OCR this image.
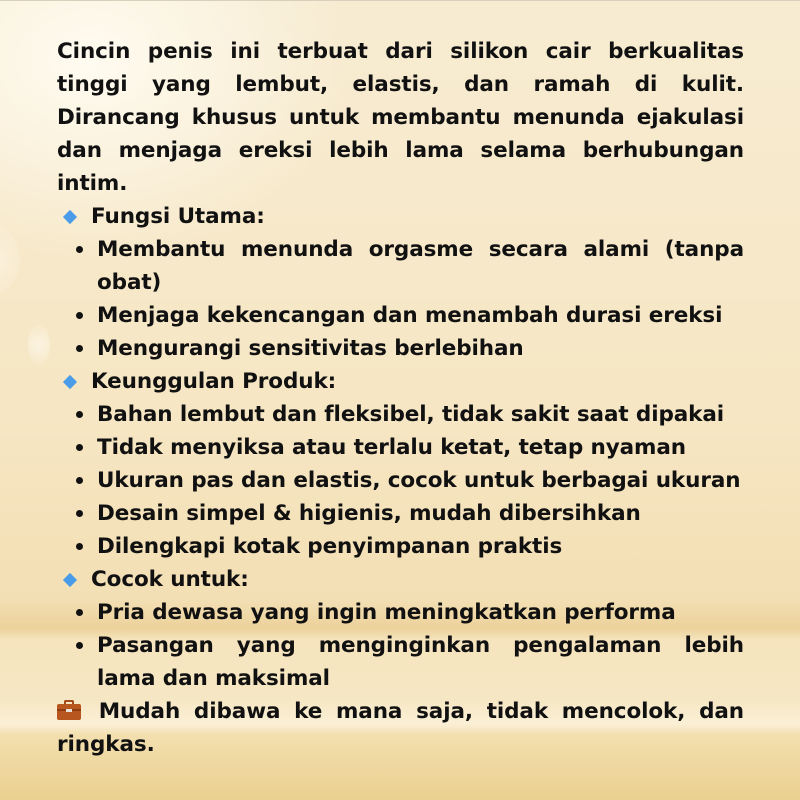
Cincin penis ini terbuat dari silikon cair berkualitas tinggi yang lembut, elastis, dan ramah di kulit. Dirancang khusus untuk membantu menunda ejakulasi dan menjaga ereksi lebih lama selama berhubungan intim.

Fungsi Utama:
Membantu menunda orgasme secara alami (tanpa obat)
Menjaga kekencangan dan menambah durasi ereksi
Mengurangi sensitivitas berlebihan
Keunggulan Produk:
Bahan lembut dan fleksibel, tidak sakit saat dipakai
Tidak menyiksa atau terlalu ketat, tetap nyaman
Ukuran pas dan elastis, cocok untuk berbagai ukuran
Desain simpel & higienis, mudah dibersihkan
Dilengkapi kotak penyimpanan praktis
Cocok untuk:
Pria dewasa yang ingin meningkatkan performa
Pasangan yang menginginkan pengalaman lebih lama dan maksimal

Mudah dibawa ke mana saja, tidak mencolok, dan ringkas.
